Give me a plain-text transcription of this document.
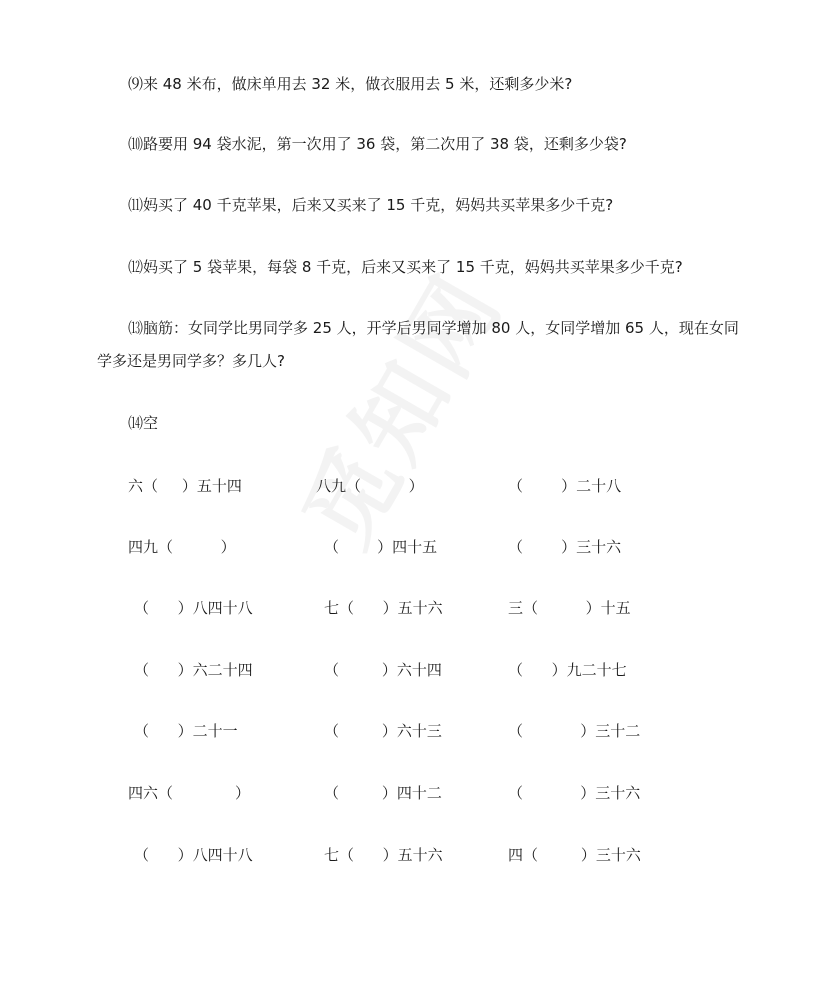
⑼来 48 米布，做床单用去 32 米，做衣服用去 5 米，还剩多少米?
⑽路要用 94 袋水泥，第一次用了 36 袋，第二次用了 38 袋，还剩多少袋?
⑾妈买了 40 千克苹果，后来又买来了 15 千克，妈妈共买苹果多少千克?
⑿妈买了 5 袋苹果，每袋 8 千克，后来又买来了 15 千克，妈妈共买苹果多少千克?
⒀脑筋：女同学比男同学多 25 人，开学后男同学增加 80 人，女同学增加 65 人，现在女同
学多还是男同学多？多几人?
⒁空
六（     ）五十四	八九（          ）	（        ）二十八
四九（          ）	（        ）四十五	（        ）三十六
（      ）八四十八	七（      ）五十六	三（          ）十五
（      ）六二十四	（         ）六十四	（      ）九二十七
（      ）二十一	（         ）六十三	（            ）三十二
四六（             ）	（         ）四十二	（            ）三十六
（      ）八四十八	七（      ）五十六	四（         ）三十六
